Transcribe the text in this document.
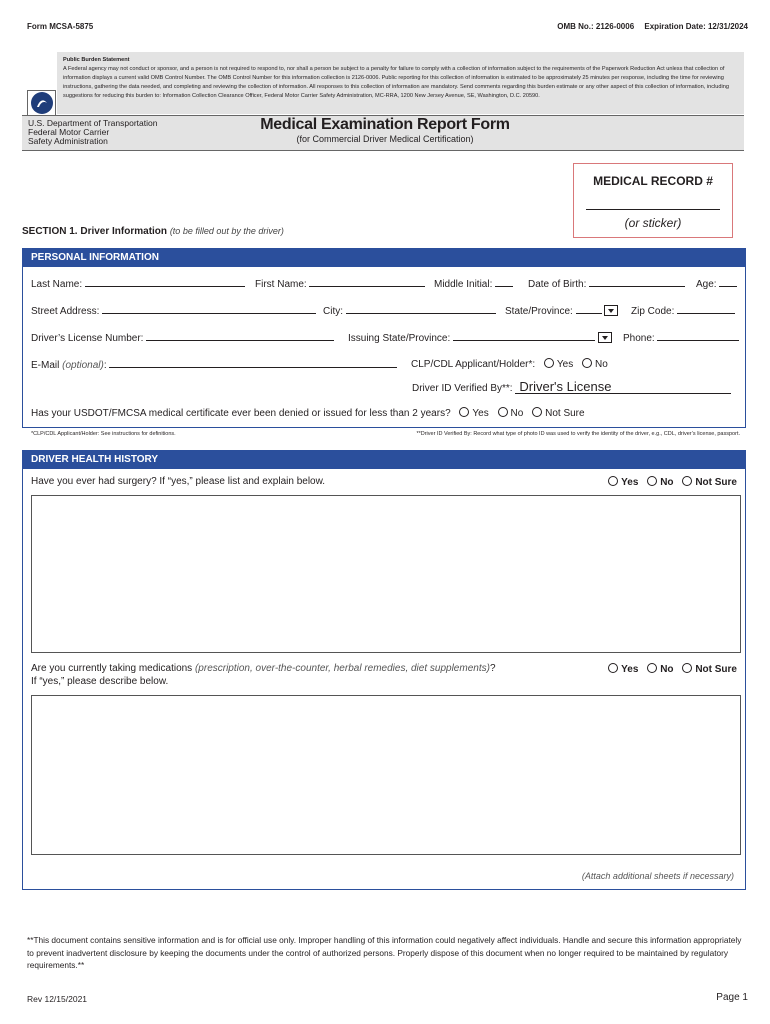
Form MCSA-5875	OMB No.: 2126-0006 Expiration Date: 12/31/2024
Public Burden Statement
A Federal agency may not conduct or sponsor, and a person is not required to respond to, nor shall a person be subject to a penalty for failure to comply with a collection of information subject to the requirements of the Paperwork Reduction Act unless that collection of information displays a current valid OMB Control Number. The OMB Control Number for this information collection is 2126-0006. Public reporting for this collection of information is estimated to be approximately 25 minutes per response, including the time for reviewing instructions, gathering the data needed, and completing and reviewing the collection of information. All responses to this collection of information are mandatory. Send comments regarding this burden estimate or any other aspect of this collection of information, including suggestions for reducing this burden to: Information Collection Clearance Officer, Federal Motor Carrier Safety Administration, MC-RRA, 1200 New Jersey Avenue, SE, Washington, D.C. 20590.
U.S. Department of Transportation
Federal Motor Carrier
Safety Administration
Medical Examination Report Form
(for Commercial Driver Medical Certification)
MEDICAL RECORD #
(or sticker)
SECTION 1. Driver Information (to be filled out by the driver)
PERSONAL INFORMATION
Last Name:	First Name:	Middle Initial:	Date of Birth:	Age:
Street Address:	City:	State/Province:	Zip Code:
Driver’s License Number:	Issuing State/Province:	Phone:
E-Mail (optional):	CLP/CDL Applicant/Holder*: Yes No
Driver ID Verified By**: Driver's License
Has your USDOT/FMCSA medical certificate ever been denied or issued for less than 2 years? Yes No Not Sure
*CLP/CDL Applicant/Holder: See instructions for definitions.	**Driver ID Verified By: Record what type of photo ID was used to verify the identity of the driver, e.g., CDL, driver’s license, passport.
DRIVER HEALTH HISTORY
Have you ever had surgery? If “yes,” please list and explain below.	Yes No Not Sure
Are you currently taking medications (prescription, over-the-counter, herbal remedies, diet supplements)?
If “yes,” please describe below.
Yes No Not Sure
(Attach additional sheets if necessary)
**This document contains sensitive information and is for official use only. Improper handling of this information could negatively affect individuals. Handle and secure this information appropriately to prevent inadvertent disclosure by keeping the documents under the control of authorized persons. Properly dispose of this document when no longer required to be maintained by regulatory requirements.**
Rev 12/15/2021	Page 1
